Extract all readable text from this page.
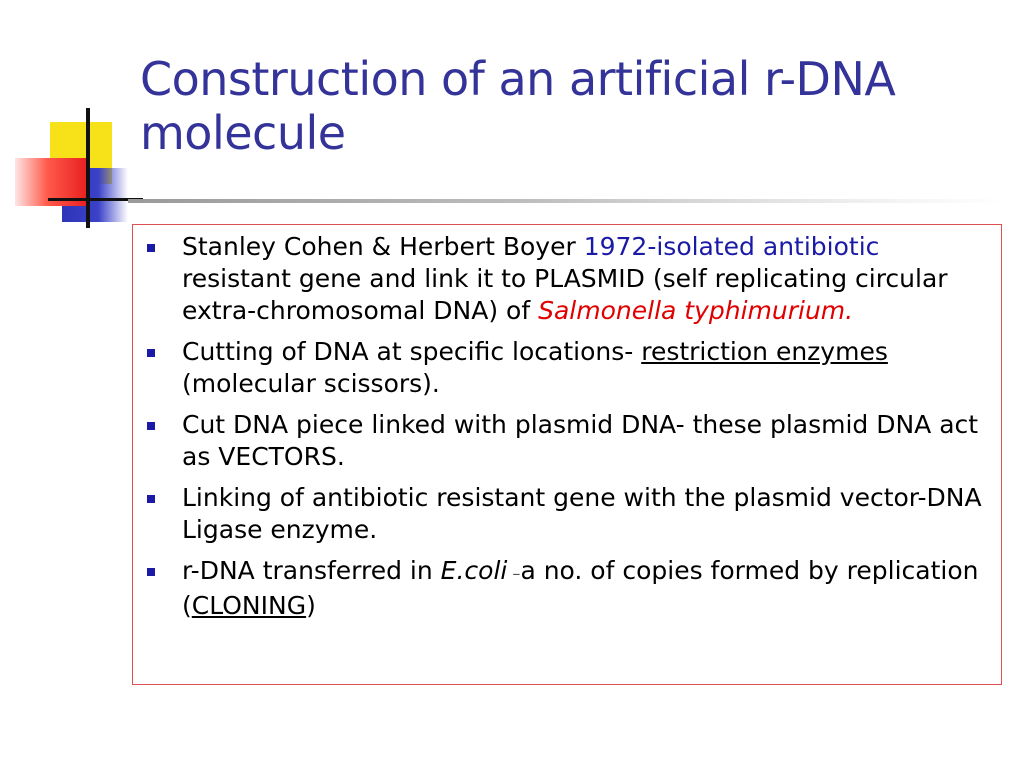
Construction of an artificial r-DNA molecule
Stanley Cohen & Herbert Boyer 1972-isolated antibiotic resistant gene and link it to PLASMID (self replicating circular extra-chromosomal DNA) of Salmonella typhimurium.
Cutting of DNA at specific locations- restriction enzymes (molecular scissors).
Cut DNA piece linked with plasmid DNA- these plasmid DNA act as VECTORS.
Linking of antibiotic resistant gene with the plasmid vector-DNA Ligase enzyme.
r-DNA transferred in E.coli –a no. of copies formed by replication (CLONING)
